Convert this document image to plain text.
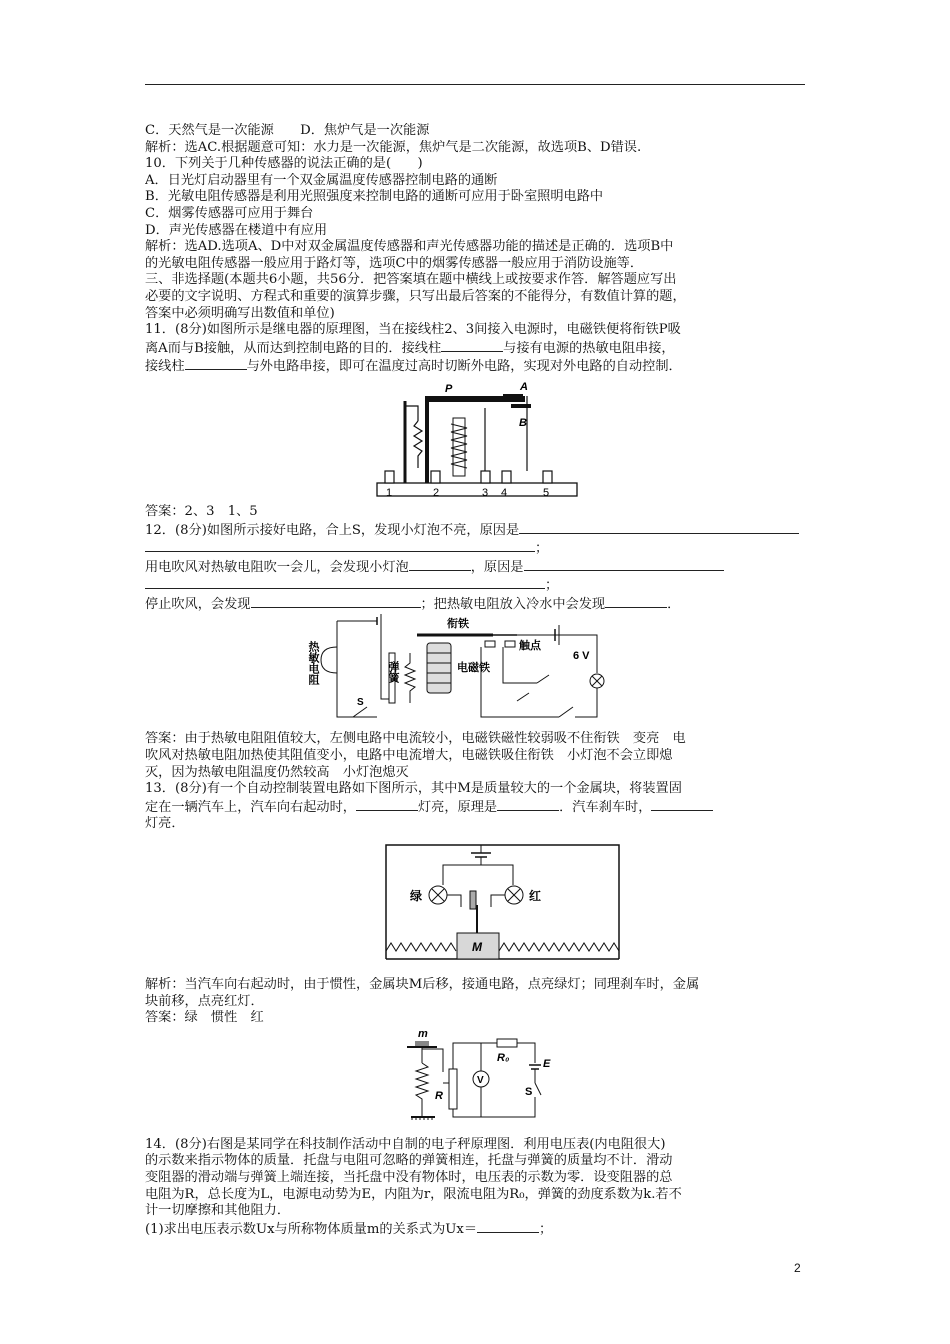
C．天然气是一次能源　　D．焦炉气是一次能源

解析：选AC.根据题意可知：水力是一次能源，焦炉气是二次能源，故选项B、D错误.

10．下列关于几种传感器的说法正确的是(　　)

A．日光灯启动器里有一个双金属温度传感器控制电路的通断

B．光敏电阻传感器是利用光照强度来控制电路的通断可应用于卧室照明电路中

C．烟雾传感器可应用于舞台

D．声光传感器在楼道中有应用

解析：选AD.选项A、D中对双金属温度传感器和声光传感器功能的描述是正确的．选项B中

的光敏电阻传感器一般应用于路灯等，选项C中的烟雾传感器一般应用于消防设施等．

三、非选择题(本题共6小题，共56分．把答案填在题中横线上或按要求作答．解答题应写出

必要的文字说明、方程式和重要的演算步骤，只写出最后答案的不能得分，有数值计算的题，

答案中必须明确写出数值和单位)

11．(8分)如图所示是继电器的原理图，当在接线柱2、3间接入电源时，电磁铁便将衔铁P吸

离A而与B接触，从而达到控制电路的目的．接线柱	与接有电源的热敏电阻串接，

接线柱	与外电路串接，即可在温度过高时切断外电路，实现对外电路的自动控制．

P	A
B
1	2	3 4	5

答案：2、3　1、5

12．(8分)如图所示接好电路，合上S，发现小灯泡不亮，原因是

；

用电吹风对热敏电阻吹一会儿，会发现小灯泡	，原因是

；

停止吹风，会发现	；把热敏电阻放入冷水中会发现	．

热敏电阻
S
弹簧
衔铁
触点
电磁铁
6 V

答案：由于热敏电阻阻值较大，左侧电路中电流较小，电磁铁磁性较弱吸不住衔铁　变亮　电

吹风对热敏电阻加热使其阻值变小，电路中电流增大，电磁铁吸住衔铁　小灯泡不会立即熄

灭，因为热敏电阻温度仍然较高　小灯泡熄灭

13．(8分)有一个自动控制装置电路如下图所示，其中M是质量较大的一个金属块，将装置固

定在一辆汽车上，汽车向右起动时，	灯亮，原理是	．汽车刹车时，

灯亮．

绿	红
M

解析：当汽车向右起动时，由于惯性，金属块M后移，接通电路，点亮绿灯；同理刹车时，金属

块前移，点亮红灯．

答案：绿　惯性　红

m
R
V
R₀	E
S

14．(8分)右图是某同学在科技制作活动中自制的电子秤原理图．利用电压表(内电阻很大)

的示数来指示物体的质量．托盘与电阻可忽略的弹簧相连，托盘与弹簧的质量均不计．滑动

变阻器的滑动端与弹簧上端连接，当托盘中没有物体时，电压表的示数为零．设变阻器的总

电阻为R，总长度为L，电源电动势为E，内阻为r，限流电阻为R₀，弹簧的劲度系数为k.若不

计一切摩擦和其他阻力．

(1)求出电压表示数Ux与所称物体质量m的关系式为Ux＝	；

2
